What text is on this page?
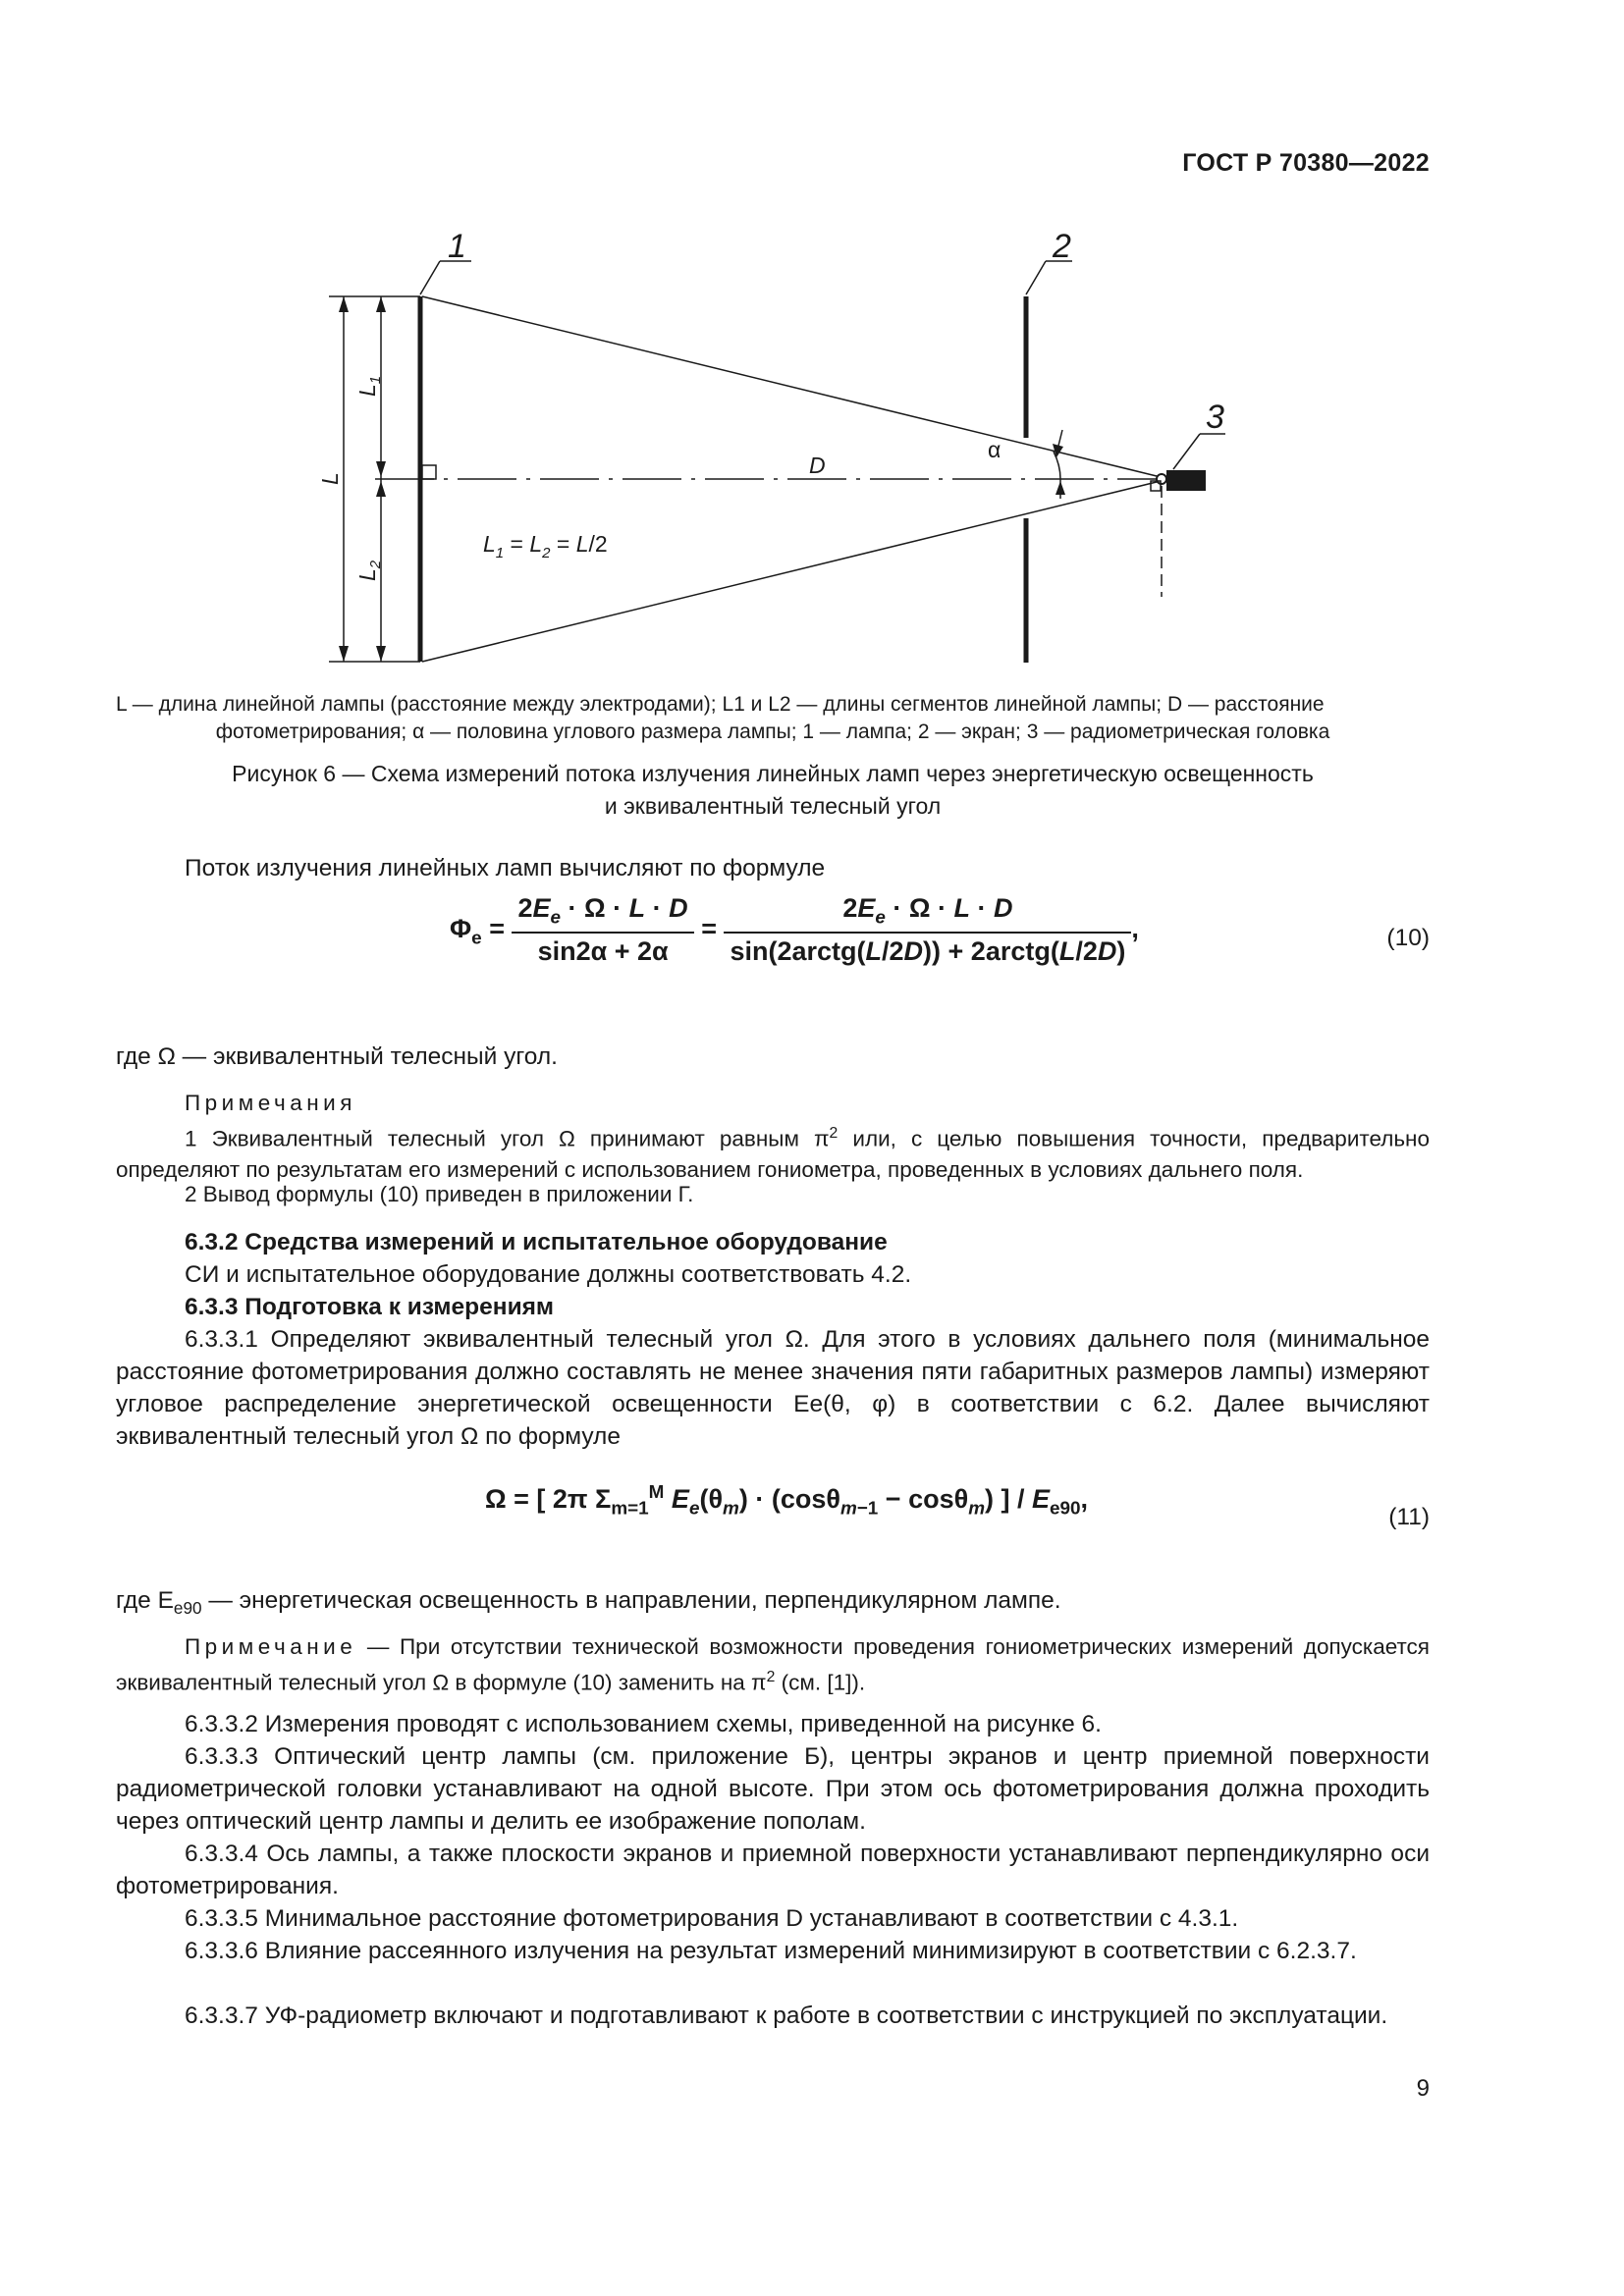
ГОСТ Р 70380—2022
1	2
3
D
α
L
$L_1$
$L_2$
$L_1 = L_2 = L/2$
L — длина линейной лампы (расстояние между электродами); L1 и L2 — длины сегментов линейной лампы; D — расстояние
фотометрирования; α — половина углового размера лампы; 1 — лампа; 2 — экран; 3 — радиометрическая головка
Рисунок 6 — Схема измерений потока излучения линейных ламп через энергетическую освещенность
и эквивалентный телесный угол
Поток излучения линейных ламп вычисляют по формуле
$\Phi_е = \frac{2E_е \cdot \Omega \cdot L \cdot D}{\sin 2\alpha + 2\alpha} = \frac{2E_е \cdot \Omega \cdot L \cdot D}{\text{sin(2arctg(L/2D)) + 2arctg(L/2D)}}$ ,	(10)
где Ω — эквивалентный телесный угол.
Примечания
1 Эквивалентный телесный угол Ω принимают равным $\pi^2$ или, с целью повышения точности, предварительно определяют по результатам его измерений с использованием гониометра, проведенных в условиях дальнего поля.
2 Вывод формулы (10) приведен в приложении Г.
6.3.2 Средства измерений и испытательное оборудование
СИ и испытательное оборудование должны соответствовать 4.2.
6.3.3 Подготовка к измерениям
6.3.3.1 Определяют эквивалентный телесный угол Ω. Для этого в условиях дальнего поля (минимальное расстояние фотометрирования должно составлять не менее значения пяти габаритных размеров лампы) измеряют угловое распределение энергетической освещенности Eе(θ, φ) в соответствии с 6.2. Далее вычисляют эквивалентный телесный угол Ω по формуле
Ω = [ 2π $\Sigma_{m=1}^M$ $E_е(\theta_m) \cdot (\cos\theta_{m-1} - \cos\theta_m)$ ] / $E_{е90}$,
(11)
где $E_{е90}$ — энергетическая освещенность в направлении, перпендикулярном лампе.
Примечание — При отсутствии технической возможности проведения гониометрических измерений допускается эквивалентный телесный угол Ω в формуле (10) заменить на $\pi^2$ (см. [1]).
6.3.3.2 Измерения проводят с использованием схемы, приведенной на рисунке 6.
6.3.3.3 Оптический центр лампы (см. приложение Б), центры экранов и центр приемной поверхности радиометрической головки устанавливают на одной высоте. При этом ось фотометрирования должна проходить через оптический центр лампы и делить ее изображение пополам.
6.3.3.4 Ось лампы, а также плоскости экранов и приемной поверхности устанавливают перпендикулярно оси фотометрирования.
6.3.3.5 Минимальное расстояние фотометрирования D устанавливают в соответствии с 4.3.1.
6.3.3.6 Влияние рассеянного излучения на результат измерений минимизируют в соответствии с 6.2.3.7.
6.3.3.7 УФ-радиометр включают и подготавливают к работе в соответствии с инструкцией по эксплуатации.
9
